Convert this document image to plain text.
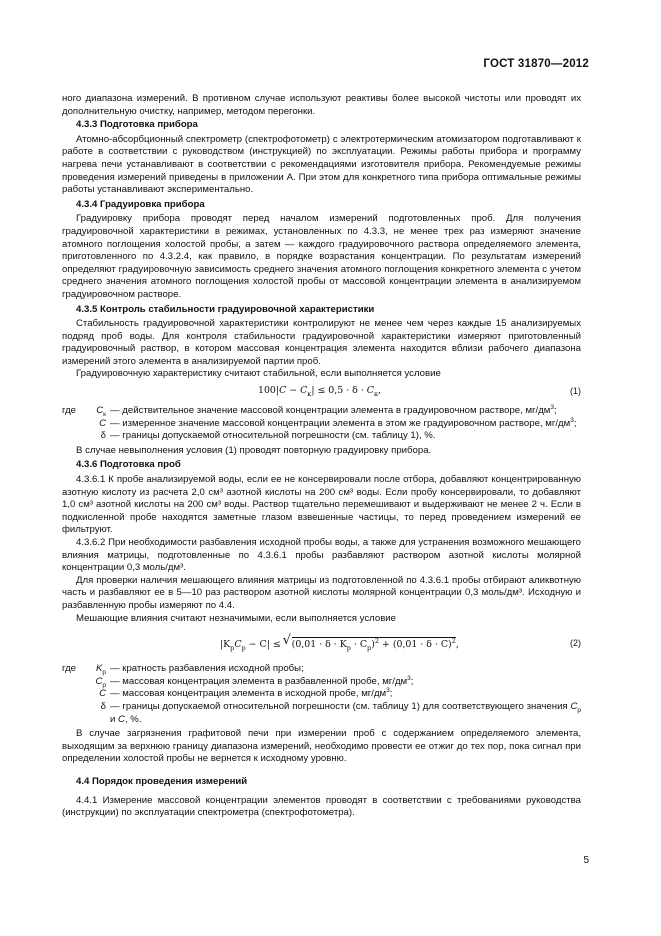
ГОСТ 31870—2012

ного диапазона измерений. В противном случае используют реактивы более высокой чистоты или проводят их дополнительную очистку, например, методом перегонки.

4.3.3 Подготовка прибора

Атомно-абсорбционный спектрометр (спектрофотометр) с электротермическим атомизатором подготавливают к работе в соответствии с руководством (инструкцией) по эксплуатации. Режимы работы прибора и программу нагрева печи устанавливают в соответствии с рекомендациями изготовителя прибора. Рекомендуемые режимы проведения измерений приведены в приложении А. При этом для конкретного типа прибора оптимальные режимы работы устанавливают экспериментально.

4.3.4 Градуировка прибора

Градуировку прибора проводят перед началом измерений подготовленных проб. Для получения градуировочной характеристики в режимах, установленных по 4.3.3, не менее трех раз измеряют значение атомного поглощения холостой пробы, а затем — каждого градуировочного раствора определяемого элемента, приготовленного по 4.3.2.4, как правило, в порядке возрастания концентрации. По результатам измерений определяют градуировочную зависимость среднего значения атомного поглощения конкретного элемента с учетом среднего значения атомного поглощения холостой пробы от массовой концентрации элемента в анализируемом градуировочном растворе.

4.3.5 Контроль стабильности градуировочной характеристики

Стабильность градуировочной характеристики контролируют не менее чем через каждые 15 анализируемых подряд проб воды. Для контроля стабильности градуировочной характеристики измеряют приготовленный градуировочный раствор, в котором массовая концентрация элемента находится вблизи рабочего диапазона измерений этого элемента в анализируемой партии проб.

Градуировочную характеристику считают стабильной, если выполняется условие

$100|C - C_к| \le 0,5 \cdot \delta \cdot C_к$,	(1)
где	$C_к$ — действительное значение массовой концентрации элемента в градуировочном растворе, $мг/дм^3$;
C — измеренное значение массовой концентрации элемента в этом же градуировочном растворе, $мг/дм^3$;
δ — границы допускаемой относительной погрешности (см. таблицу 1), %.

В случае невыполнения условия (1) проводят повторную градуировку прибора.

4.3.6 Подготовка проб

4.3.6.1 К пробе анализируемой воды, если ее не консервировали после отбора, добавляют концентрированную азотную кислоту из расчета 2,0 см³ азотной кислоты на 200 см³ воды. Если пробу консервировали, то добавляют 1,0 см³ азотной кислоты на 200 см³ воды. Раствор тщательно перемешивают и выдерживают не менее 2 ч. Если в подкисленной пробе находятся заметные глазом взвешенные частицы, то перед проведением измерений ее фильтруют.

4.3.6.2 При необходимости разбавления исходной пробы воды, а также для устранения возможного мешающего влияния матрицы, подготовленные по 4.3.6.1 пробы разбавляют раствором азотной кислоты молярной концентрации 0,3 моль/дм³.

Для проверки наличия мешающего влияния матрицы из подготовленной по 4.3.6.1 пробы отбирают аликвотную часть и разбавляют ее в 5—10 раз раствором азотной кислоты молярной концентрации 0,3 моль/дм³. Исходную и разбавленную пробы измеряют по 4.4.

Мешающие влияния считают незначимыми, если выполняется условие

$|K_рC_р - C|$ ≤ √ $(0,01 \cdot \delta \cdot K_р \cdot C_р)^2 + (0,01 \cdot \delta \cdot C)^2$,	(2)
где	$K_р$ — кратность разбавления исходной пробы;
$C_р$ — массовая концентрация элемента в разбавленной пробе, $мг/дм^3$;
C — массовая концентрация элемента в исходной пробе, $мг/дм^3$;
δ — границы допускаемой относительной погрешности (см. таблицу 1) для соответствующего значения $C_р$ и C, %.

В случае загрязнения графитовой печи при измерении проб с содержанием определяемого элемента, выходящим за верхнюю границу диапазона измерений, необходимо провести ее отжиг до тех пор, пока сигнал при определении холостой пробы не вернется к исходному уровню.

4.4 Порядок проведения измерений

4.4.1 Измерение массовой концентрации элементов проводят в соответствии с требованиями руководства (инструкции) по эксплуатации спектрометра (спектрофотометра).

5
